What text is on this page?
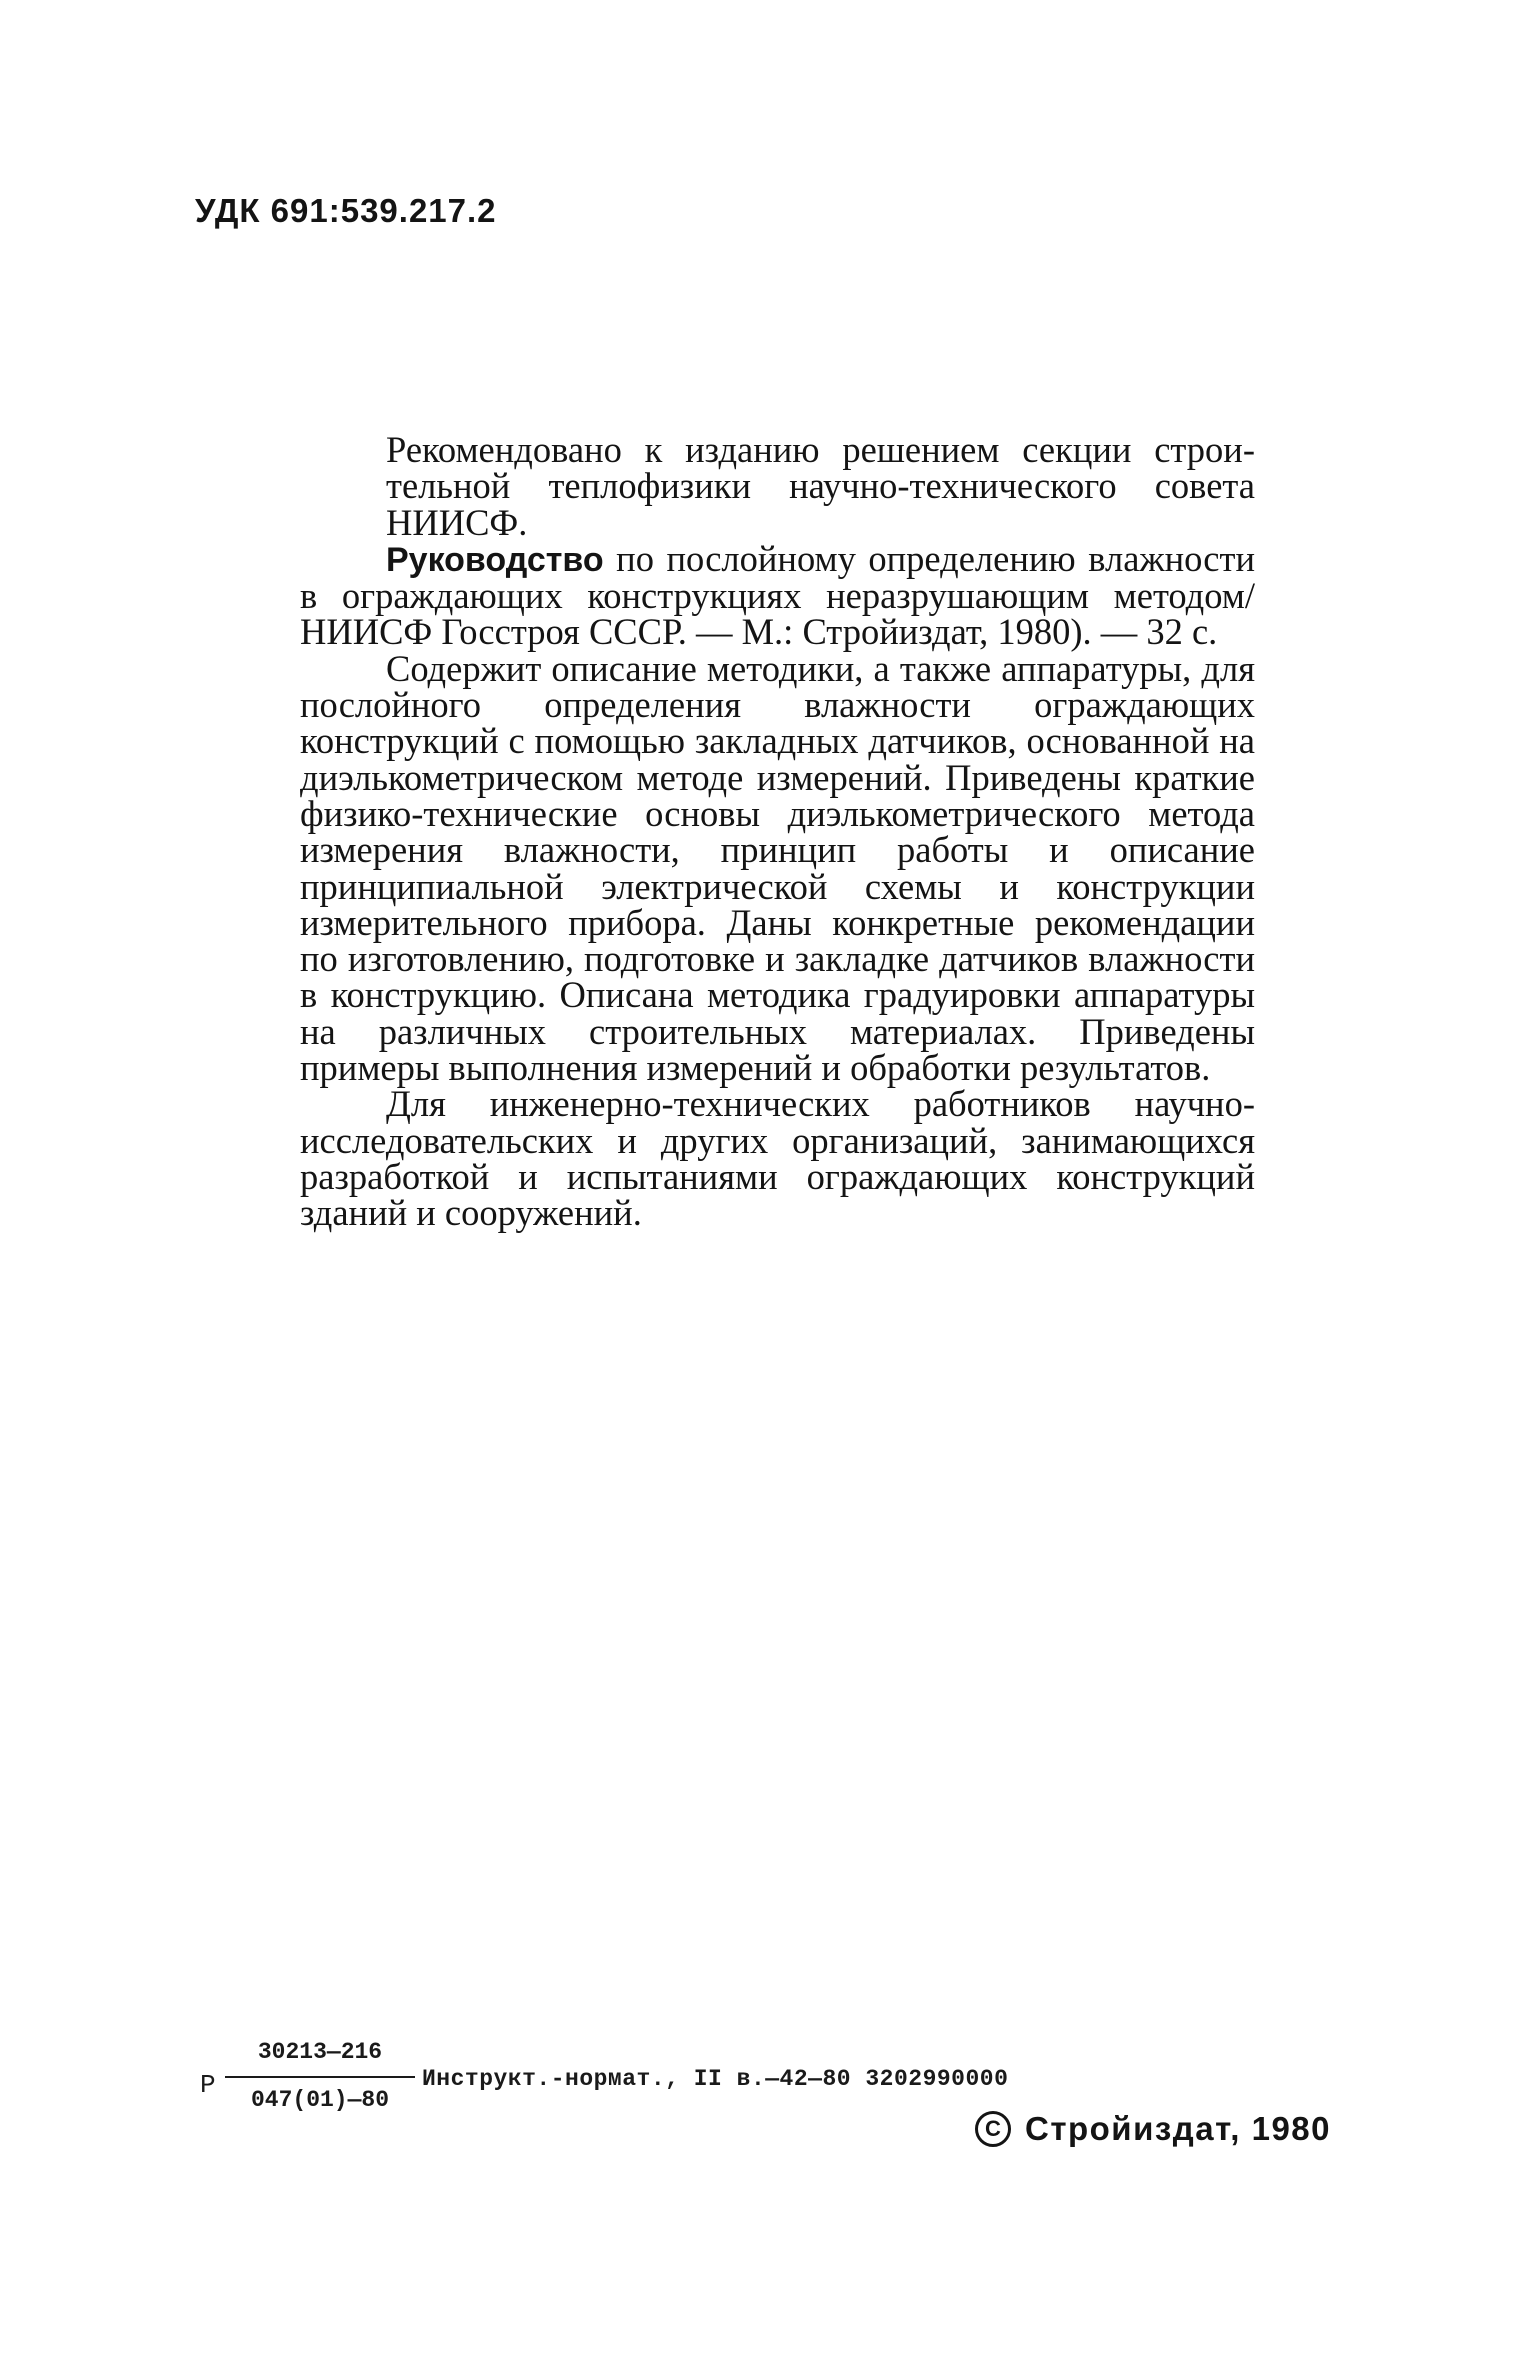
УДК 691:539.217.2

Рекомендовано к изданию решением секции строительной теплофизики научно-технического совета НИИСФ.

Руководство по послойному определению влажности в ограждающих конструкциях неразрушающим методом/ НИИСФ Госстроя СССР. — М.: Стройиздат, 1980). — 32 с.

Содержит описание методики, а также аппаратуры, для послойного определения влажности ограждающих конструкций с помощью закладных датчиков, основанной на диэлькометрическом методе измерений. Приведены краткие физико-технические основы диэлькометрического метода измерения влажности, принцип работы и описание принципиальной электрической схемы и конструкции измерительного прибора. Даны конкретные рекомендации по изготовлению, подготовке и закладке датчиков влажности в конструкцию. Описана методика градуировки аппаратуры на различных строительных материалах. Приведены примеры выполнения измерений и обработки результатов.

Для инженерно-технических работников научноисследовательских и других организаций, занимающихся разработкой и испытаниями ограждающих конструкций зданий и сооружений.

Р
30213—216
047(01)—80
Инструкт.-нормат., II в.—42—80 3202990000
C Стройиздат, 1980
